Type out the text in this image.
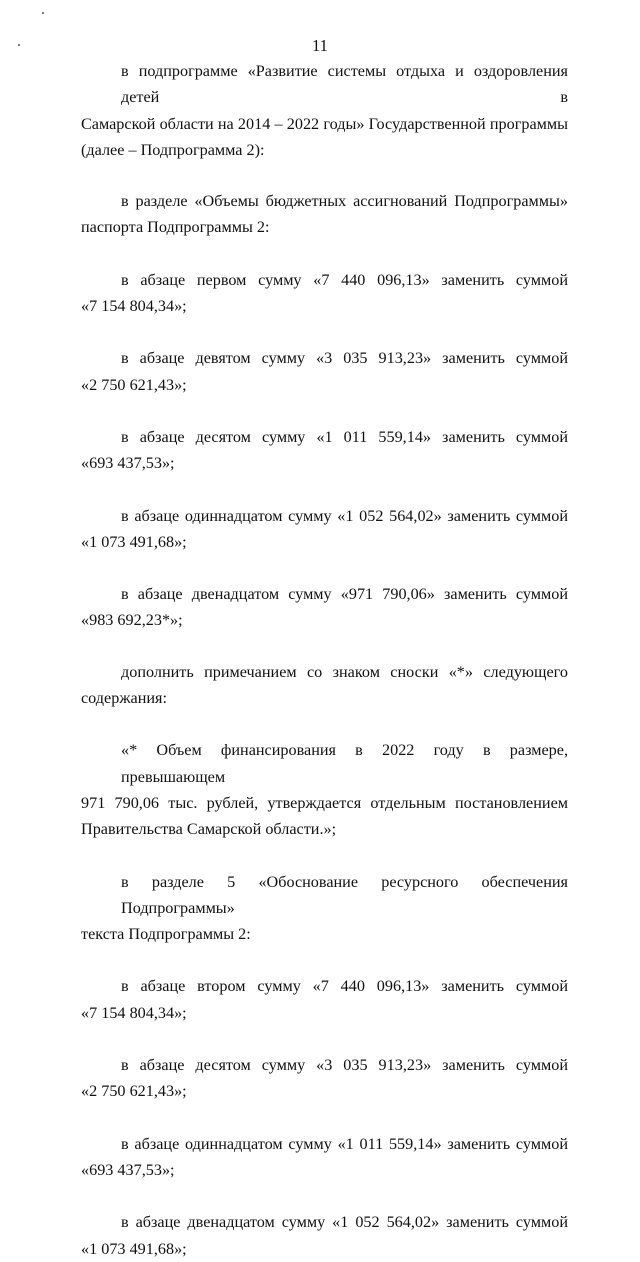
11
в подпрограмме «Развитие системы отдыха и оздоровления детей в
Самарской области на 2014 – 2022 годы» Государственной программы
(далее – Подпрограмма 2):
в разделе «Объемы бюджетных ассигнований Подпрограммы»
паспорта Подпрограммы 2:
в абзаце первом сумму «7 440 096,13» заменить суммой
«7 154 804,34»;
в абзаце девятом сумму «3 035 913,23» заменить суммой
«2 750 621,43»;
в абзаце десятом сумму «1 011 559,14» заменить суммой
«693 437,53»;
в абзаце одиннадцатом сумму «1 052 564,02» заменить суммой
«1 073 491,68»;
в абзаце двенадцатом сумму «971 790,06» заменить суммой
«983 692,23*»;
дополнить примечанием со знаком сноски «*» следующего
содержания:
«* Объем финансирования в 2022 году в размере, превышающем
971 790,06 тыс. рублей, утверждается отдельным постановлением
Правительства Самарской области.»;
в разделе 5 «Обоснование ресурсного обеспечения Подпрограммы»
текста Подпрограммы 2:
в абзаце втором сумму «7 440 096,13» заменить суммой
«7 154 804,34»;
в абзаце десятом сумму «3 035 913,23» заменить суммой
«2 750 621,43»;
в абзаце одиннадцатом сумму «1 011 559,14» заменить суммой
«693 437,53»;
в абзаце двенадцатом сумму «1 052 564,02» заменить суммой
«1 073 491,68»;
